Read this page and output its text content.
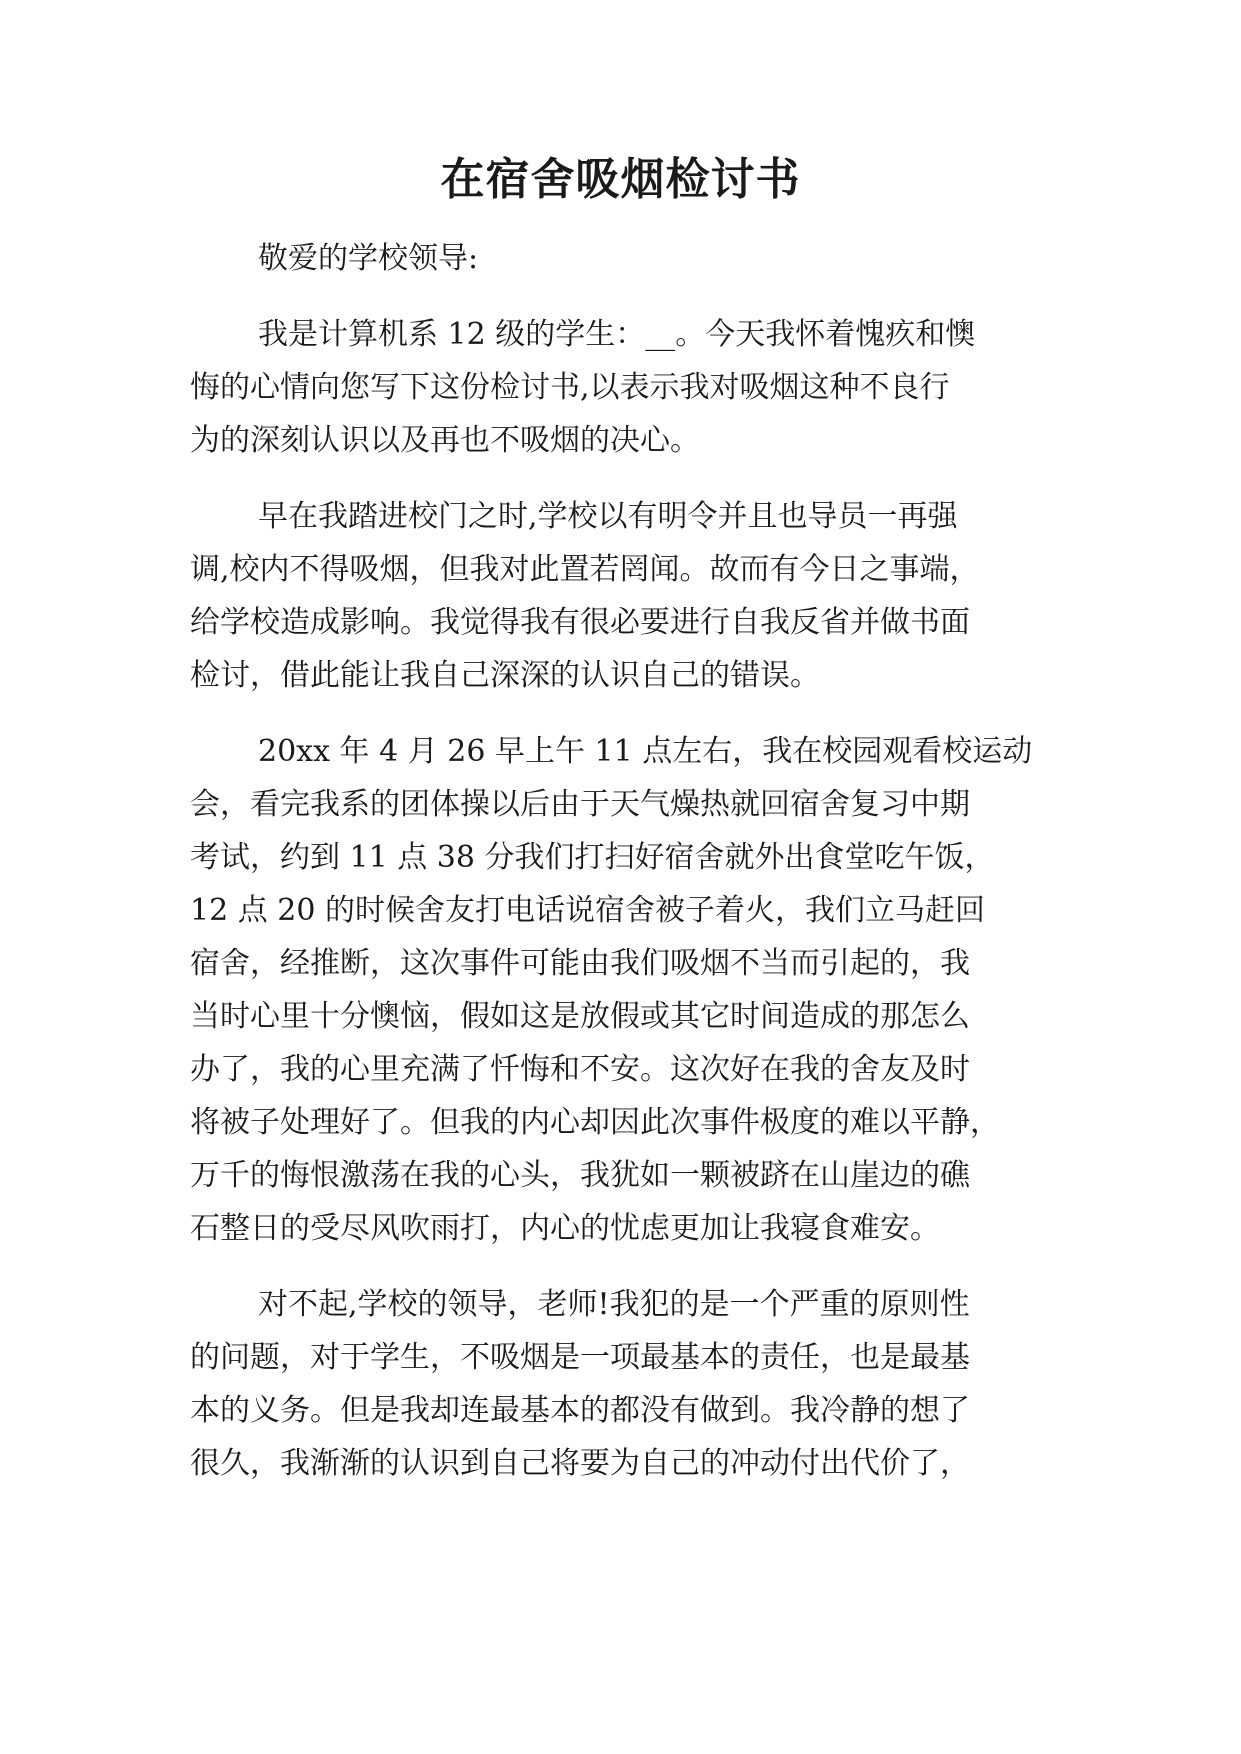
在宿舍吸烟检讨书

敬爱的学校领导:

我是计算机系 12 级的学生：__。今天我怀着愧疚和懊

悔的心情向您写下这份检讨书,以表示我对吸烟这种不良行

为的深刻认识以及再也不吸烟的决心。

早在我踏进校门之时,学校以有明令并且也导员一再强

调,校内不得吸烟，但我对此置若罔闻。故而有今日之事端，

给学校造成影响。我觉得我有很必要进行自我反省并做书面

检讨，借此能让我自己深深的认识自己的错误。

20xx 年 4 月 26 早上午 11 点左右，我在校园观看校运动

会，看完我系的团体操以后由于天气燥热就回宿舍复习中期

考试，约到 11 点 38 分我们打扫好宿舍就外出食堂吃午饭，

12 点 20 的时候舍友打电话说宿舍被子着火，我们立马赶回

宿舍，经推断，这次事件可能由我们吸烟不当而引起的，我

当时心里十分懊恼，假如这是放假或其它时间造成的那怎么

办了，我的心里充满了忏悔和不安。这次好在我的舍友及时

将被子处理好了。但我的内心却因此次事件极度的难以平静，

万千的悔恨激荡在我的心头，我犹如一颗被跻在山崖边的礁

石整日的受尽风吹雨打，内心的忧虑更加让我寝食难安。

对不起,学校的领导，老师!我犯的是一个严重的原则性

的问题，对于学生，不吸烟是一项最基本的责任，也是最基

本的义务。但是我却连最基本的都没有做到。我冷静的想了

很久，我渐渐的认识到自己将要为自己的冲动付出代价了，
